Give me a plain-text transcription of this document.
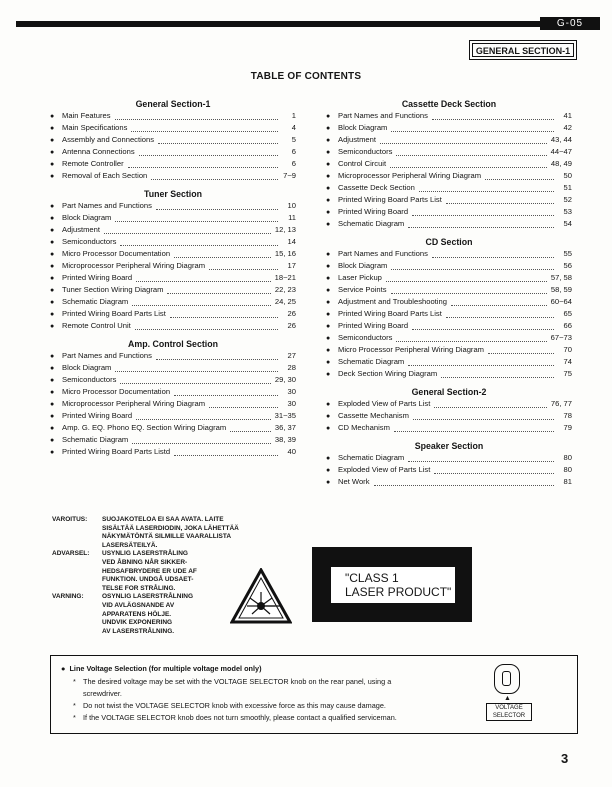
G-05
GENERAL SECTION-1
TABLE OF CONTENTS
General Section-1
●	Main Features	1
●	Main Specifications	4
●	Assembly and Connections	5
●	Antenna Connections	6
●	Remote Controller	6
●	Removal of Each Section	7~9
Tuner Section
●	Part Names and Functions	10
●	Block Diagram	11
●	Adjustment	12, 13
●	Semiconductors	14
●	Micro Processor Documentation	15, 16
●	Microprocessor Peripheral Wiring Diagram	17
●	Printed Wiring Board	18~21
●	Tuner Section Wiring Diagram	22, 23
●	Schematic Diagram	24, 25
●	Printed Wiring Board Parts List	26
●	Remote Control Unit	26
Amp. Control Section
●	Part Names and Functions	27
●	Block Diagram	28
●	Semiconductors	29, 30
●	Micro Processor Documentation	30
●	Microprocessor Peripheral Wiring Diagram	30
●	Printed Wiring Board	31~35
●	Amp. G. EQ. Phono EQ. Section Wiring Diagram	36, 37
●	Schematic Diagram	38, 39
●	Printed Wiring Board Parts Listd	40
Cassette Deck Section
●	Part Names and Functions	41
●	Block Diagram	42
●	Adjustment	43, 44
●	Semiconductors	44~47
●	Control Circuit	48, 49
●	Microprocessor Peripheral Wiring Diagram	50
●	Cassette Deck Section	51
●	Printed Wiring Board Parts List	52
●	Printed Wiring Board	53
●	Schematic Diagram	54
CD Section
●	Part Names and Functions	55
●	Block Diagram	56
●	Laser Pickup	57, 58
●	Service Points	58, 59
●	Adjustment and Troubleshooting	60~64
●	Printed Wiring Board Parts List	65
●	Printed Wiring Board	66
●	Semiconductors	67~73
●	Micro Processor Peripheral Wiring Diagram	70
●	Schematic Diagram	74
●	Deck Section Wiring Diagram	75
General Section-2
●	Exploded View of Parts List	76, 77
●	Cassette Mechanism	78
●	CD Mechanism	79
Speaker Section
●	Schematic Diagram	80
●	Exploded View of Parts List	80
●	Net Work	81
VAROITUS:	SUOJAKOTELOA EI SAA AVATA. LAITE
SISÄLTÄÄ LASERDIODIN, JOKA LÄHETTÄÄ
NÄKYMÄTÖNTÄ SILMILLE VAARALLISTA
LASERSÄTEILYÄ.
ADVARSEL:	USYNLIG LASERSTRÅLING
VED ÅBNING NÅR SIKKER-
HEDSAFBRYDERE ER UDE AF
FUNKTION. UNDGÅ UDSAET-
TELSE FOR STRÅLING.
VARNING:	OSYNLIG LASERSTRÅLNING
VID AVLÄGSNANDE AV
APPARATENS HÖLJE.
UNDVIK EXPONERING
AV LASERSTRÅLNING.
"CLASS 1
LASER PRODUCT"
●  Line Voltage Selection (for multiple voltage model only)
* The desired voltage may be set with the VOLTAGE SELECTOR knob on the rear panel, using a
screwdriver.
* Do not twist the VOLTAGE SELECTOR knob with excessive force as this may cause damage.
* If the VOLTAGE SELECTOR knob does not turn smoothly, please contact a qualified serviceman.
▲
VOLTAGE
SELECTOR
3
